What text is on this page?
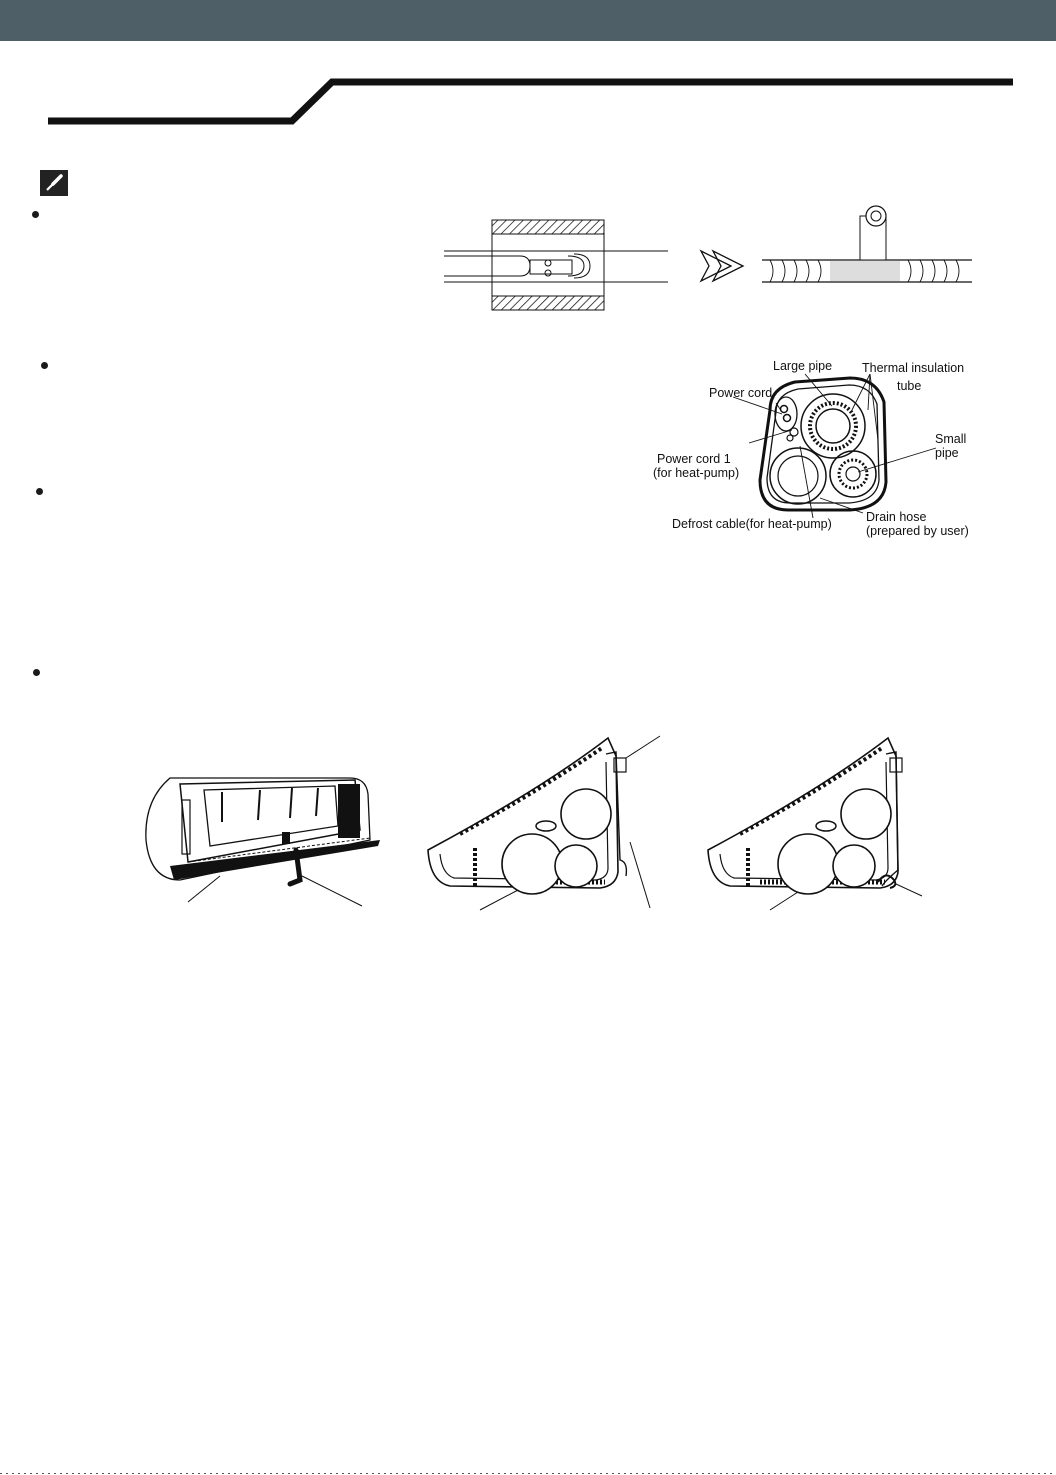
Large pipe Thermal insulation
tube
Power cord
Small
pipe
Power cord 1
(for heat-pump)
Drain hose
(prepared by user)
Defrost cable(for heat-pump)
